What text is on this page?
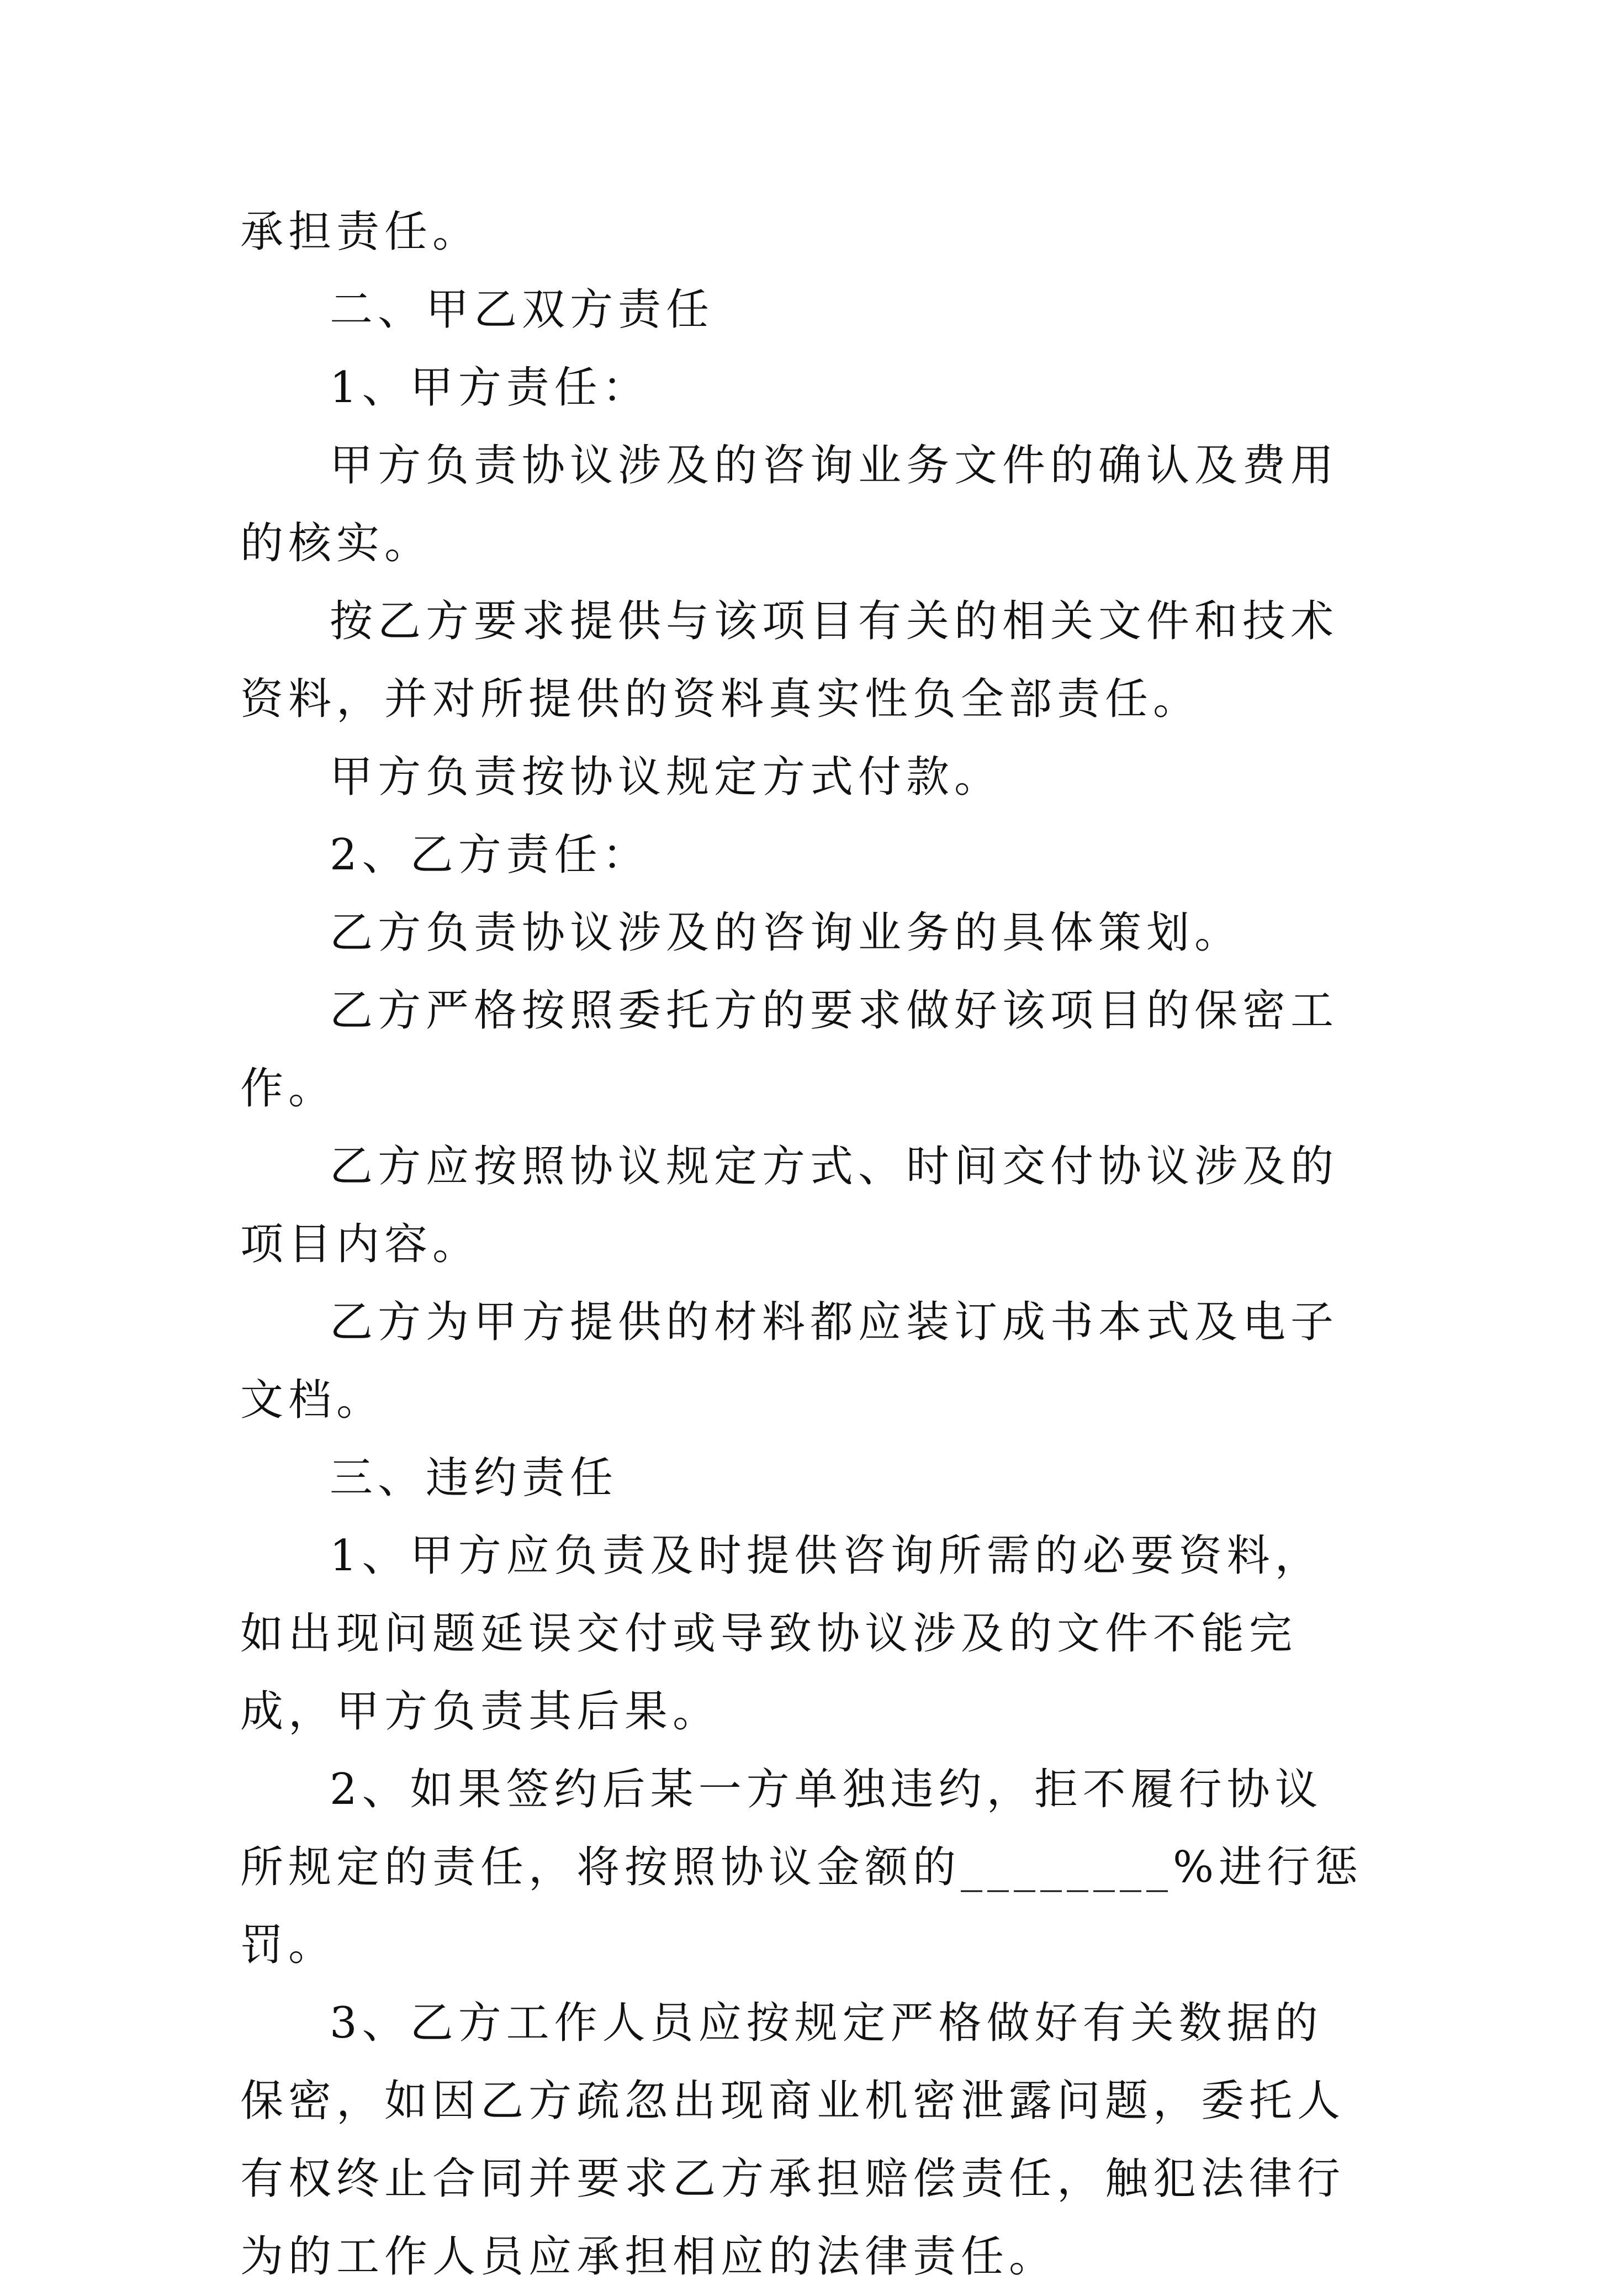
承担责任。

二、甲乙双方责任

1、甲方责任：

甲方负责协议涉及的咨询业务文件的确认及费用的核实。

按乙方要求提供与该项目有关的相关文件和技术资料，并对所提供的资料真实性负全部责任。

甲方负责按协议规定方式付款。

2、乙方责任：

乙方负责协议涉及的咨询业务的具体策划。

乙方严格按照委托方的要求做好该项目的保密工作。

乙方应按照协议规定方式、时间交付协议涉及的项目内容。

乙方为甲方提供的材料都应装订成书本式及电子文档。

三、违约责任

1、甲方应负责及时提供咨询所需的必要资料，如出现问题延误交付或导致协议涉及的文件不能完成，甲方负责其后果。

2、如果签约后某一方单独违约，拒不履行协议所规定的责任，将按照协议金额的________%进行惩罚。

3、乙方工作人员应按规定严格做好有关数据的保密，如因乙方疏忽出现商业机密泄露问题，委托人有权终止合同并要求乙方承担赔偿责任，触犯法律行为的工作人员应承担相应的法律责任。
